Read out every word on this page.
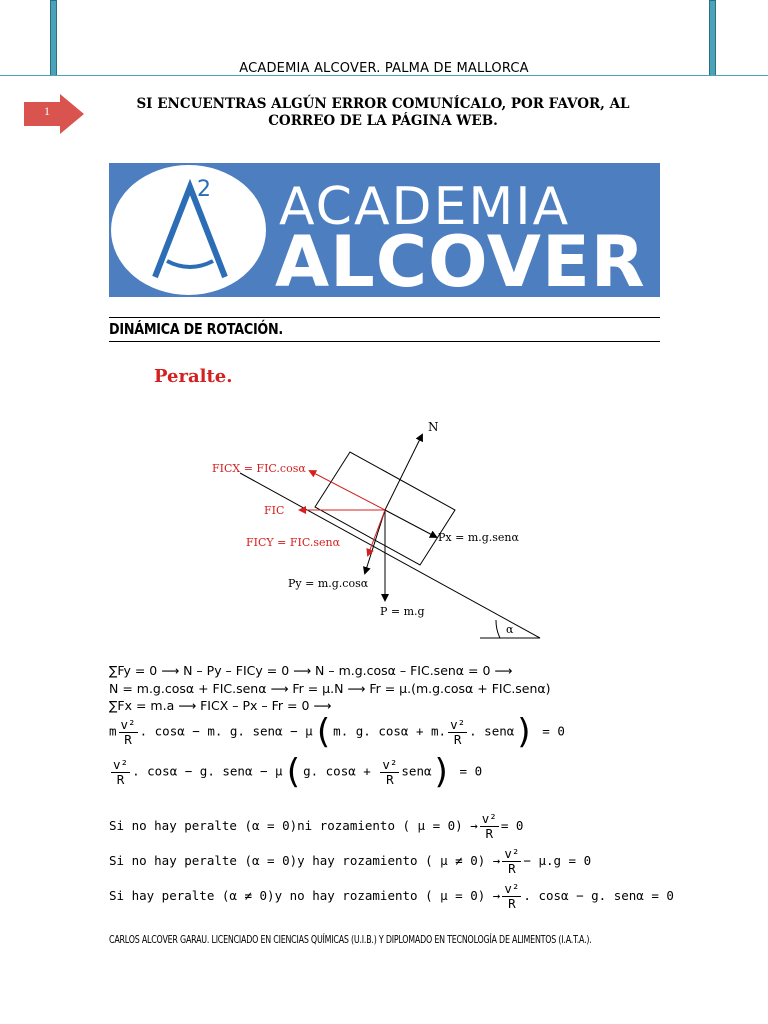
ACADEMIA ALCOVER. PALMA DE MALLORCA
1	SI ENCUENTRAS ALGÚN ERROR COMUNÍCALO, POR FAVOR, AL
CORREO DE LA PÁGINA WEB.
2 ACADEMIA
ALCOVER
DINÁMICA DE ROTACIÓN.
Peralte.
N
FICX = FIC.cosα
FIC
FICY = FIC.senα	Px = m.g.senα
Py = m.g.cosα
P = m.g
α
∑Fy = 0 ⟶ N – Py – FICy = 0 ⟶ N – m.g.cosα – FIC.senα = 0 ⟶
N = m.g.cosα + FIC.senα ⟶ Fr = μ.N ⟶ Fr = μ.(m.g.cosα + FIC.senα)
∑Fx = m.a ⟶ FICX – Px – Fr = 0 ⟶
m $\frac{\text{v²}}{R}$ . cosα − m. g. senα − μ(m. g. cosα + m. $\frac{\text{v²}}{R}$ . senα) = 0
$\frac{\text{v²}}{R}$ . cosα − g. senα − μ(g. $\cos\alpha + \frac{\text{v²}}{R} sen\alpha) = 0$
Si no hay peralte (α = 0)ni rozamiento ( $\mu = 0) \to \frac{\text{v²}}{R} = 0$
Si no hay peralte (α = 0)y hay rozamiento ( $\mu \ne 0) \to \frac{\text{v²}}{R} - \mu.g = 0$
Si hay peralte (α ≠ 0)y no hay rozamiento ( $\mu = 0) \to \frac{\text{v²}}{R}$ . cosα − g. senα = 0
CARLOS ALCOVER GARAU. LICENCIADO EN CIENCIAS QUÍMICAS (U.I.B.) Y DIPLOMADO EN TECNOLOGÍA DE ALIMENTOS (I.A.T.A.).
